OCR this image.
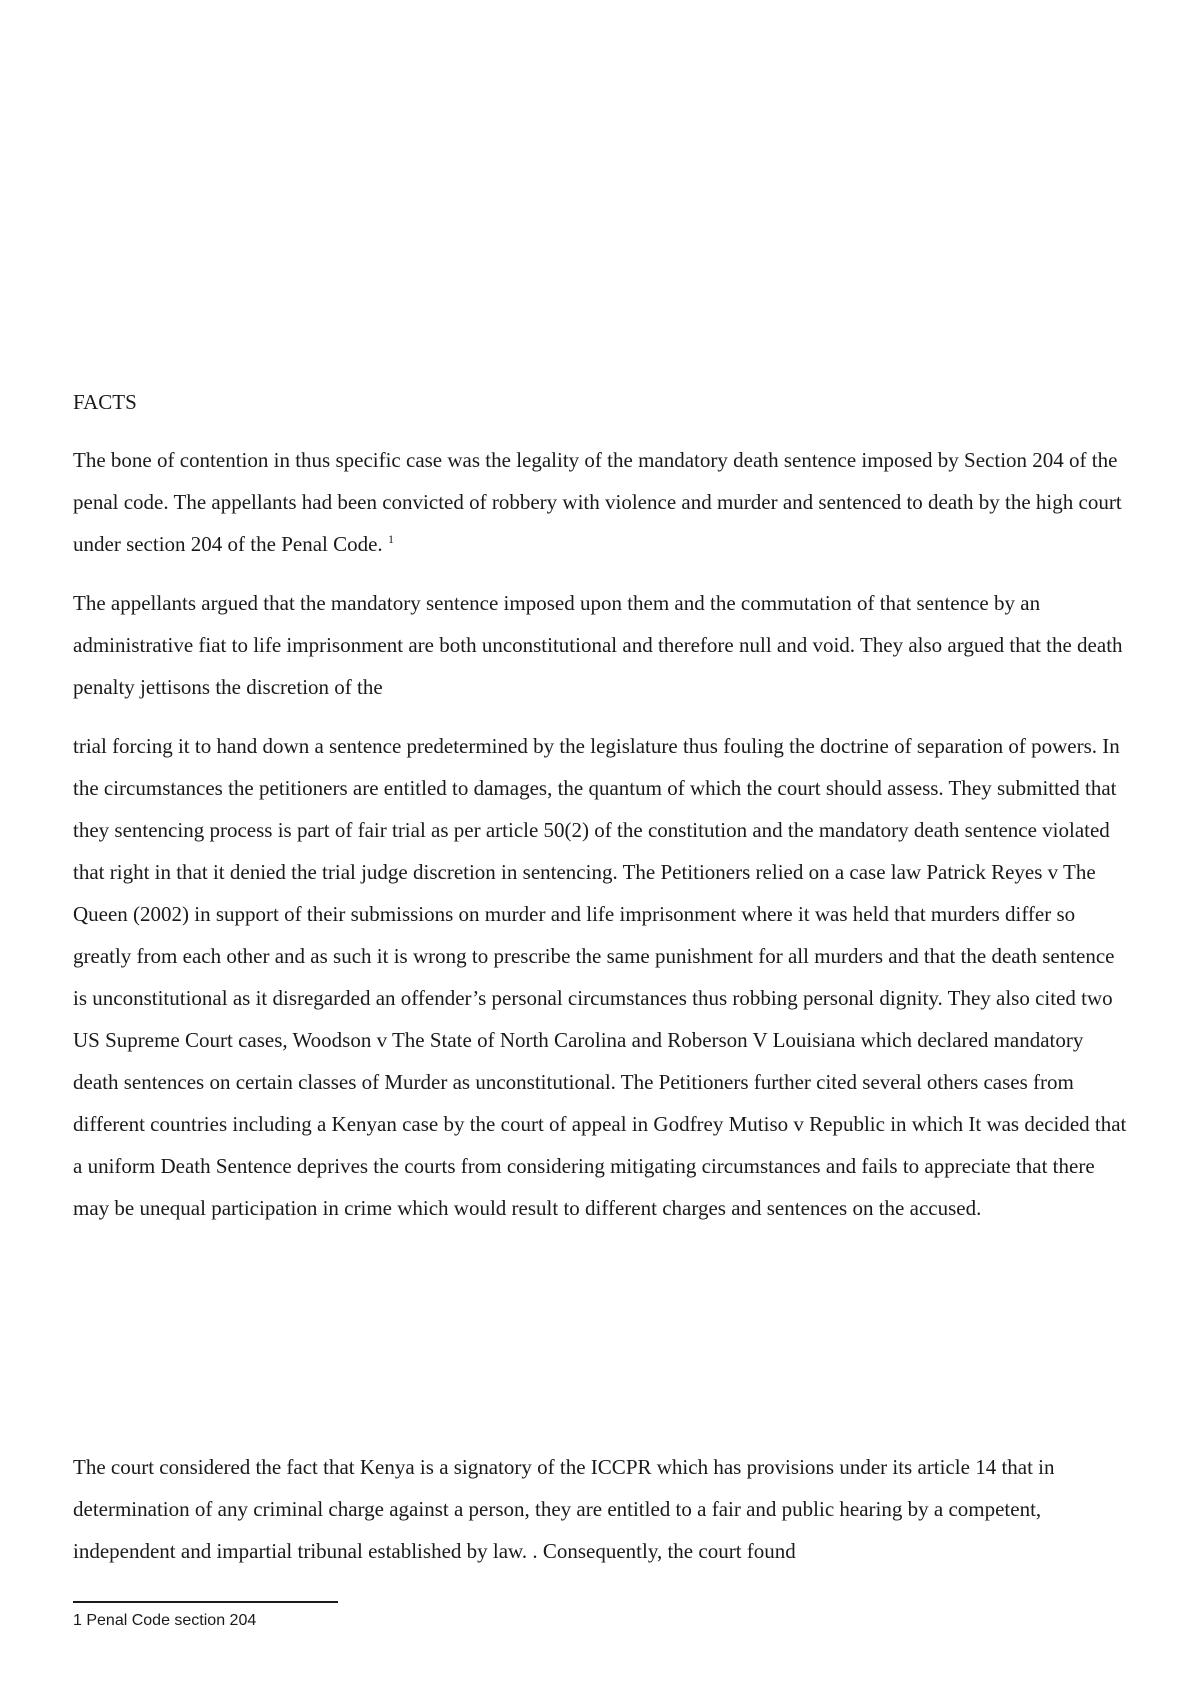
FACTS

The bone of contention in thus specific case was the legality of the mandatory death sentence imposed by Section 204 of the penal code. The appellants had been convicted of robbery with violence and murder and sentenced to death by the high court under section 204 of the Penal Code. $^1$

The appellants argued that the mandatory sentence imposed upon them and the commutation of that sentence by an administrative fiat to life imprisonment are both unconstitutional and therefore null and void. They also argued that the death penalty jettisons the discretion of the

trial forcing it to hand down a sentence predetermined by the legislature thus fouling the doctrine of separation of powers. In the circumstances the petitioners are entitled to damages, the quantum of which the court should assess. They submitted that they sentencing process is part of fair trial as per article 50(2) of the constitution and the mandatory death sentence violated that right in that it denied the trial judge discretion in sentencing. The Petitioners relied on a case law Patrick Reyes v The Queen (2002) in support of their submissions on murder and life imprisonment where it was held that murders differ so greatly from each other and as such it is wrong to prescribe the same punishment for all murders and that the death sentence is unconstitutional as it disregarded an offender’s personal circumstances thus robbing personal dignity. They also cited two US Supreme Court cases, Woodson v The State of North Carolina and Roberson V Louisiana which declared mandatory death sentences on certain classes of Murder as unconstitutional. The Petitioners further cited several others cases from different countries including a Kenyan case by the court of appeal in Godfrey Mutiso v Republic in which It was decided that a uniform Death Sentence deprives the courts from considering mitigating circumstances and fails to appreciate that there may be unequal participation in crime which would result to different charges and sentences on the accused.

The court considered the fact that Kenya is a signatory of the ICCPR which has provisions under its article 14 that in determination of any criminal charge against a person, they are entitled to a fair and public hearing by a competent, independent and impartial tribunal established by law. . Consequently, the court found

1 Penal Code section 204
